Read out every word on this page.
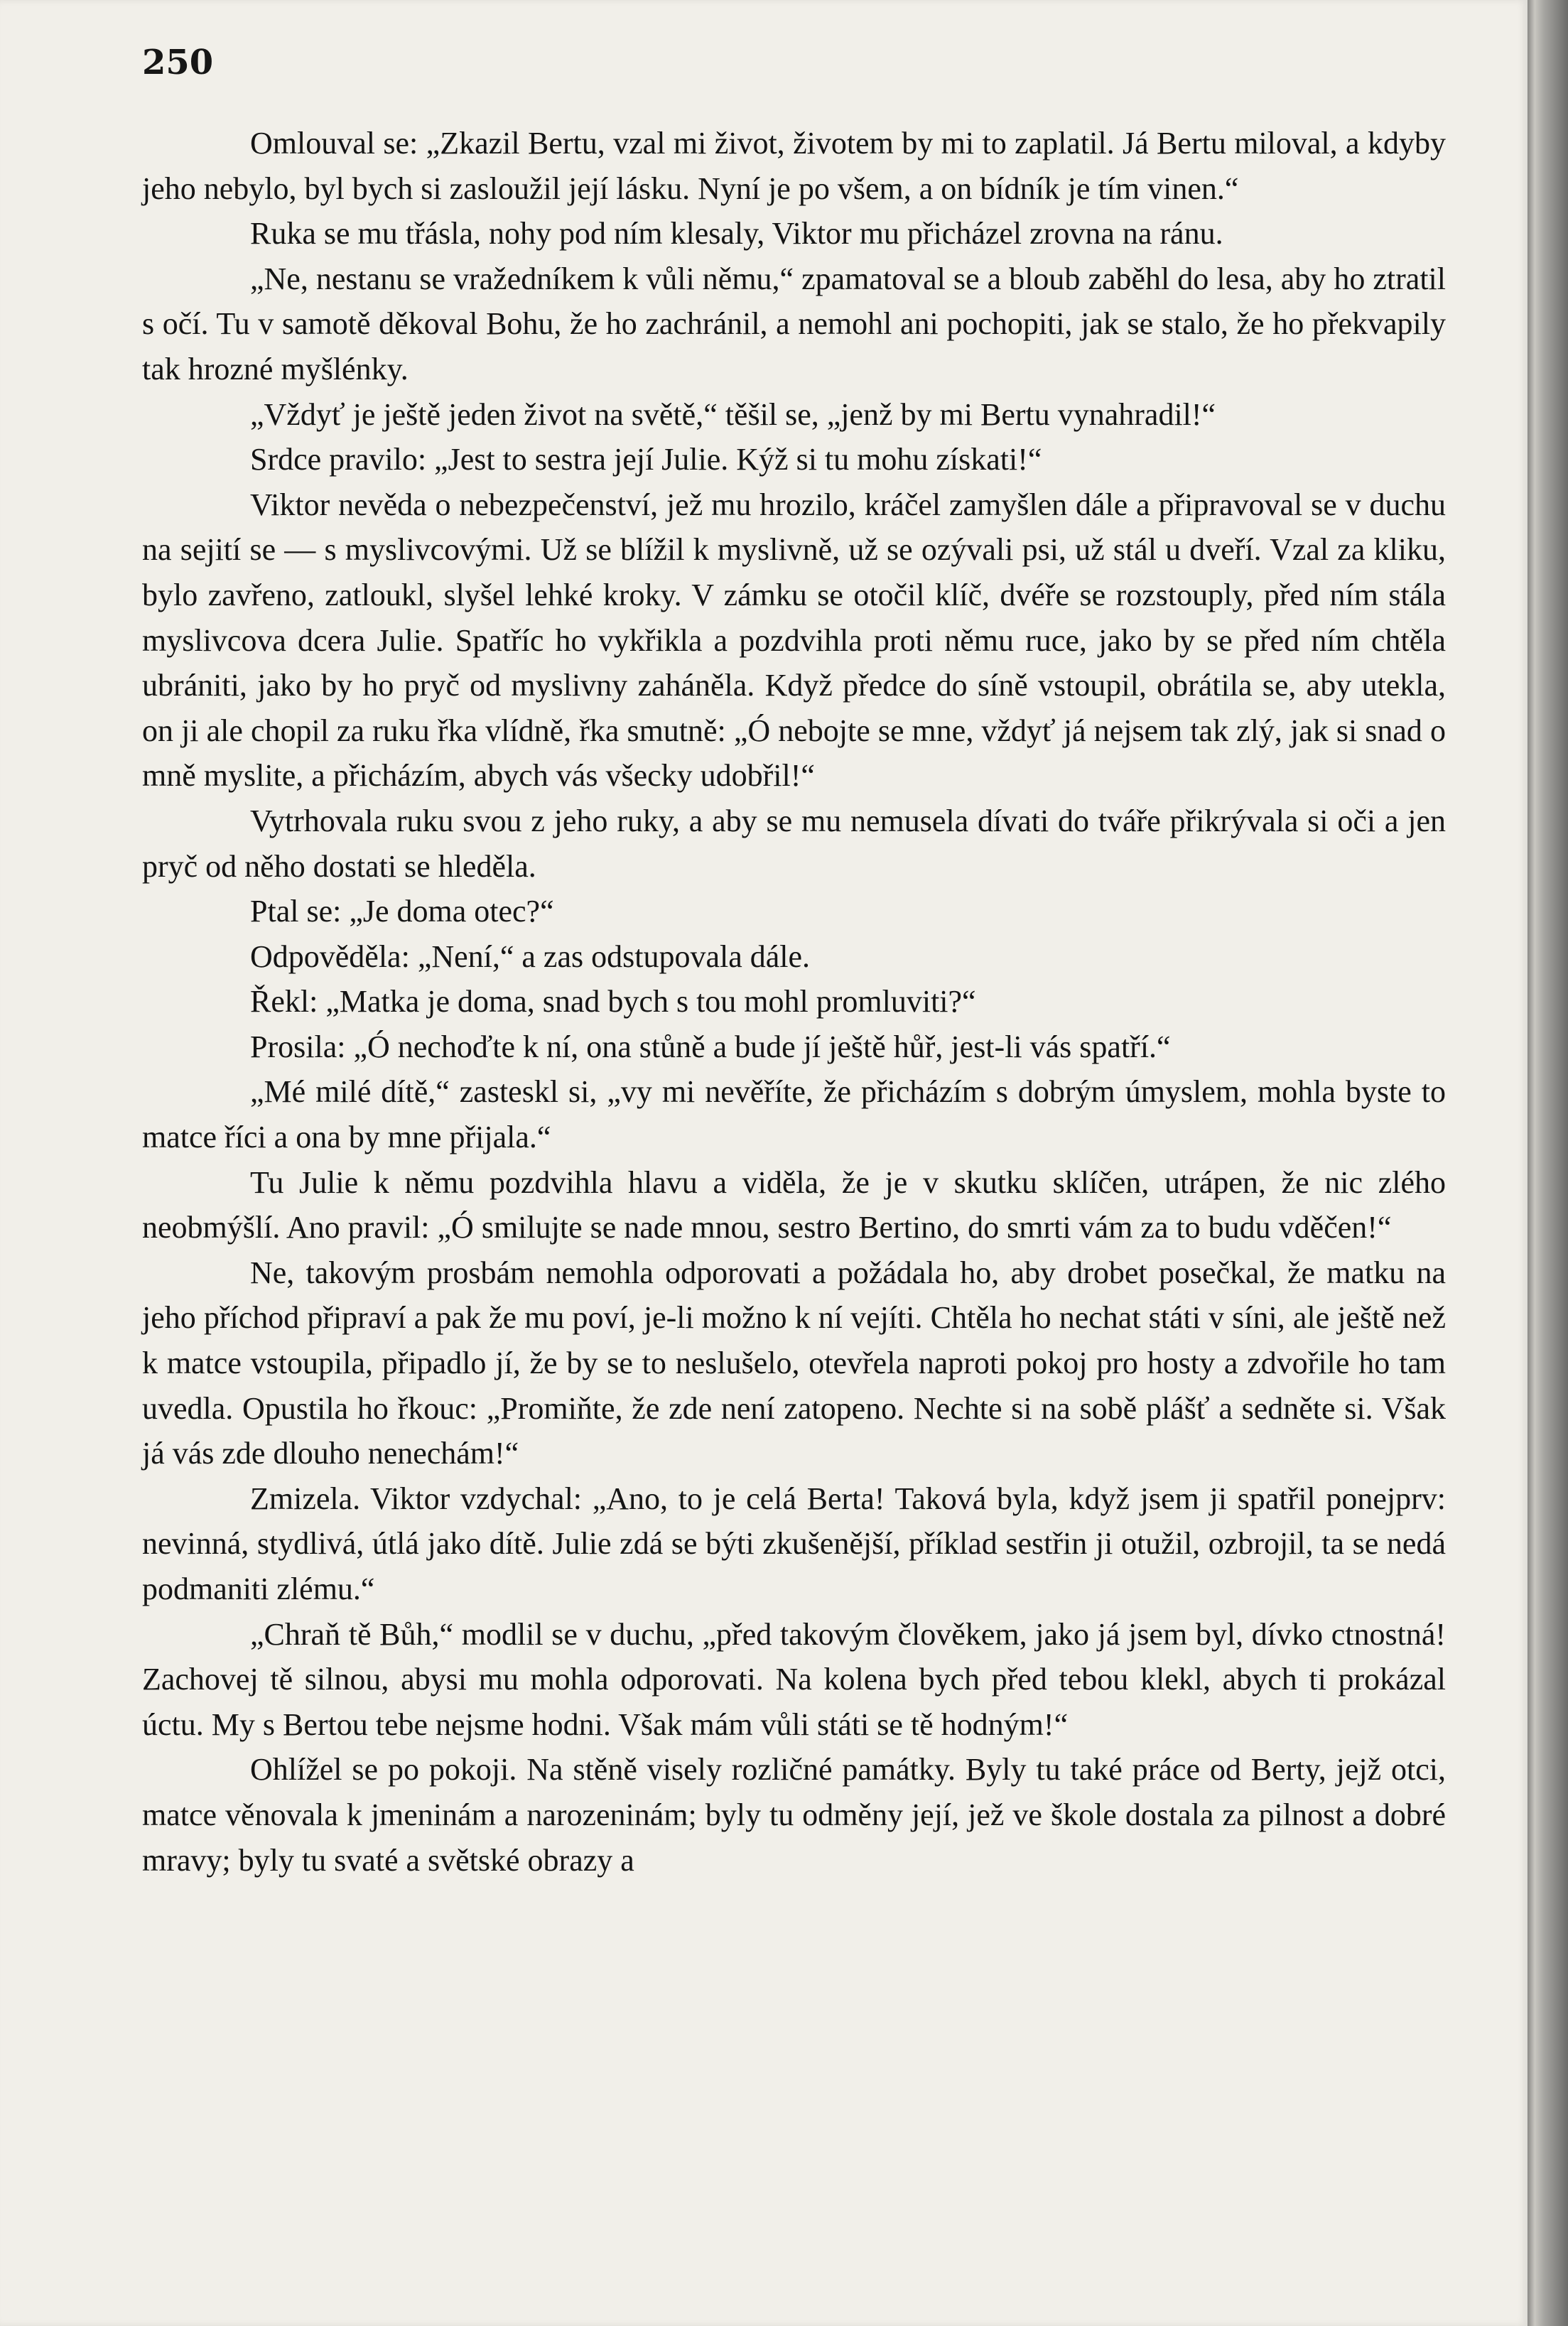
250

Omlouval se: „Zkazil Bertu, vzal mi život, životem by mi to zaplatil. Já Bertu miloval, a kdyby jeho nebylo, byl bych si zasloužil její lásku. Nyní je po všem, a on bídník je tím vinen.“

Ruka se mu třásla, nohy pod ním klesaly, Viktor mu přicházel zrovna na ránu.

„Ne, nestanu se vražedníkem k vůli němu,“ zpamatoval se a bloub zaběhl do lesa, aby ho ztratil s očí. Tu v samotě děkoval Bohu, že ho zachránil, a nemohl ani pochopiti, jak se stalo, že ho překvapily tak hrozné myšlénky.

„Vždyť je ještě jeden život na světě,“ těšil se, „jenž by mi Bertu vynahradil!“

Srdce pravilo: „Jest to sestra její Julie. Kýž si tu mohu získati!“

Viktor nevěda o nebezpečenství, jež mu hrozilo, kráčel zamyšlen dále a připravoval se v duchu na sejití se — s myslivcovými. Už se blížil k myslivně, už se ozývali psi, už stál u dveří. Vzal za kliku, bylo zavřeno, zatloukl, slyšel lehké kroky. V zámku se otočil klíč, dvéře se rozstouply, před ním stála myslivcova dcera Julie. Spatříc ho vykřikla a pozdvihla proti němu ruce, jako by se před ním chtěla ubrániti, jako by ho pryč od myslivny zaháněla. Když předce do síně vstoupil, obrátila se, aby utekla, on ji ale chopil za ruku řka vlídně, řka smutně: „Ó nebojte se mne, vždyť já nejsem tak zlý, jak si snad o mně myslite, a přicházím, abych vás všecky udobřil!“

Vytrhovala ruku svou z jeho ruky, a aby se mu nemusela dívati do tváře přikrývala si oči a jen pryč od něho dostati se hleděla.

Ptal se: „Je doma otec?“

Odpověděla: „Není,“ a zas odstupovala dále.

Řekl: „Matka je doma, snad bych s tou mohl promluviti?“

Prosila: „Ó nechoďte k ní, ona stůně a bude jí ještě hůř, jest-li vás spatří.“

„Mé milé dítě,“ zasteskl si, „vy mi nevěříte, že přicházím s dobrým úmyslem, mohla byste to matce říci a ona by mne přijala.“

Tu Julie k němu pozdvihla hlavu a viděla, že je v skutku sklíčen, utrápen, že nic zlého neobmýšlí. Ano pravil: „Ó smilujte se nade mnou, sestro Bertino, do smrti vám za to budu vděčen!“

Ne, takovým prosbám nemohla odporovati a požádala ho, aby drobet posečkal, že matku na jeho příchod připraví a pak že mu poví, je-li možno k ní vejíti. Chtěla ho nechat státi v síni, ale ještě než k matce vstoupila, připadlo jí, že by se to neslušelo, otevřela naproti pokoj pro hosty a zdvořile ho tam uvedla. Opustila ho řkouc: „Promiňte, že zde není zatopeno. Nechte si na sobě plášť a sedněte si. Však já vás zde dlouho nenechám!“

Zmizela. Viktor vzdychal: „Ano, to je celá Berta! Taková byla, když jsem ji spatřil ponejprv: nevinná, stydlivá, útlá jako dítě. Julie zdá se býti zkušenější, příklad sestřin ji otužil, ozbrojil, ta se nedá podmaniti zlému.“

„Chraň tě Bůh,“ modlil se v duchu, „před takovým člověkem, jako já jsem byl, dívko ctnostná! Zachovej tě silnou, abysi mu mohla odporovati. Na kolena bych před tebou klekl, abych ti prokázal úctu. My s Bertou tebe nejsme hodni. Však mám vůli státi se tě hodným!“

Ohlížel se po pokoji. Na stěně visely rozličné památky. Byly tu také práce od Berty, jejž otci, matce věnovala k jmeninám a narozeninám; byly tu odměny její, jež ve škole dostala za pilnost a dobré mravy; byly tu svaté a světské obrazy a
